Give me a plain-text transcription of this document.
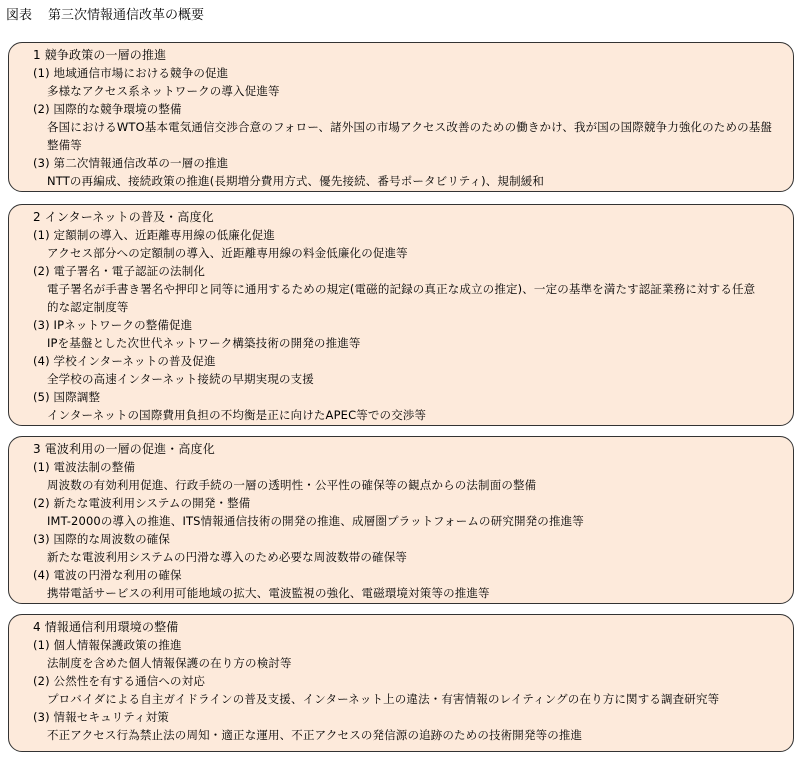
図表 第三次情報通信改革の概要
1 競争政策の一層の推進
(1) 地域通信市場における競争の促進
多様なアクセス系ネットワークの導入促進等
(2) 国際的な競争環境の整備
各国におけるWTO基本電気通信交渉合意のフォロー、諸外国の市場アクセス改善のための働きかけ、我が国の国際競争力強化のための基盤
整備等
(3) 第二次情報通信改革の一層の推進
NTTの再編成、接続政策の推進(長期増分費用方式、優先接続、番号ポータビリティ)、規制緩和
2 インターネットの普及・高度化
(1) 定額制の導入、近距離専用線の低廉化促進
アクセス部分への定額制の導入、近距離専用線の料金低廉化の促進等
(2) 電子署名・電子認証の法制化
電子署名が手書き署名や押印と同等に通用するための規定(電磁的記録の真正な成立の推定)、一定の基準を満たす認証業務に対する任意
的な認定制度等
(3) IPネットワークの整備促進
IPを基盤とした次世代ネットワーク構築技術の開発の推進等
(4) 学校インターネットの普及促進
全学校の高速インターネット接続の早期実現の支援
(5) 国際調整
インターネットの国際費用負担の不均衡是正に向けたAPEC等での交渉等
3 電波利用の一層の促進・高度化
(1) 電波法制の整備
周波数の有効利用促進、行政手続の一層の透明性・公平性の確保等の観点からの法制面の整備
(2) 新たな電波利用システムの開発・整備
IMT-2000の導入の推進、ITS情報通信技術の開発の推進、成層圏プラットフォームの研究開発の推進等
(3) 国際的な周波数の確保
新たな電波利用システムの円滑な導入のため必要な周波数帯の確保等
(4) 電波の円滑な利用の確保
携帯電話サービスの利用可能地域の拡大、電波監視の強化、電磁環境対策等の推進等
4 情報通信利用環境の整備
(1) 個人情報保護政策の推進
法制度を含めた個人情報保護の在り方の検討等
(2) 公然性を有する通信への対応
プロバイダによる自主ガイドラインの普及支援、インターネット上の違法・有害情報のレイティングの在り方に関する調査研究等
(3) 情報セキュリティ対策
不正アクセス行為禁止法の周知・適正な運用、不正アクセスの発信源の追跡のための技術開発等の推進
